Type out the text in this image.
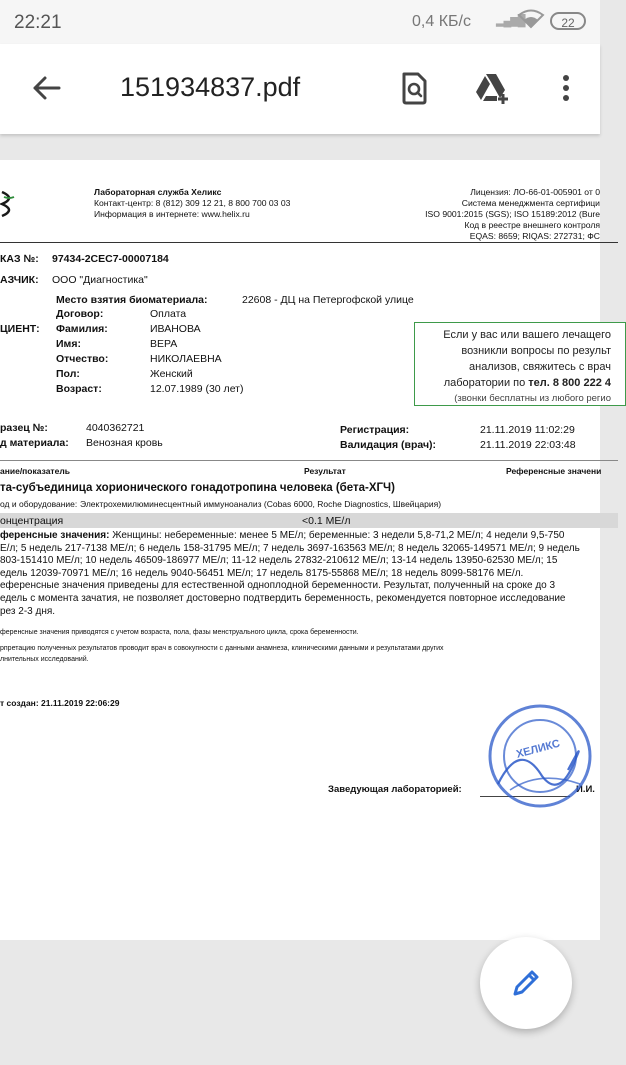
22:21	0,4 КБ/с ▂▄▆█	22
151934837.pdf
Лабораторная служба Хеликс
Контакт-центр: 8 (812) 309 12 21, 8 800 700 03 03
Информация в интернете: www.helix.ru
Лицензия: ЛО-66-01-005901 от 0
Система менеджмента сертифици
ISO 9001:2015 (SGS); ISO 15189:2012 (Bure
Код в реестре внешнего контроля
EQAS: 8659; RIQAS: 272731; ФС
КАЗ №: 97434-2СЕС7-00007184
АЗЧИК: ООО "Диагностика"
Место взятия биоматериала:	22608 - ДЦ на Петергофской улице
ЦИЕНТ:
Договор:	Оплата
Фамилия:	ИВАНОВА
Имя:	ВЕРА
Отчество:	НИКОЛАЕВНА
Пол:	Женский
Возраст:	12.07.1989 (30 лет)
Если у вас или вашего лечащего
возникли вопросы по результ
анализов, свяжитесь с врач
лаборатории по тел. 8 800 222 4
(звонки бесплатны из любого регио
разец №:	4040362721
д материала: Венозная кровь
Регистрация:	21.11.2019 11:02:29
Валидация (врач):	21.11.2019 22:03:48
ание/показатель	Результат	Референсные значени
та-субъединица хорионического гонадотропина человека (бета-ХГЧ)
од и оборудование: Электрохемилюминесцентный иммуноанализ (Cobas 6000, Roche Diagnostics, Швейцария)
онцентрация	<0.1 МЕ/л
ференсные значения: Женщины: небеременные: менее 5 МЕ/л; беременные: 3 недели 5,8-71,2 МЕ/л; 4 недели 9,5-750
Е/л; 5 недель 217-7138 МЕ/л; 6 недель 158-31795 МЕ/л; 7 недель 3697-163563 МЕ/л; 8 недель 32065-149571 МЕ/л; 9 недель
803-151410 МЕ/л; 10 недель 46509-186977 МЕ/л; 11-12 недель 27832-210612 МЕ/л; 13-14 недель 13950-62530 МЕ/л; 15
едель 12039-70971 МЕ/л; 16 недель 9040-56451 МЕ/л; 17 недель 8175-55868 МЕ/л; 18 недель 8099-58176 МЕ/л.
еференсные значения приведены для естественной одноплодной беременности. Результат, полученный на сроке до 3
едель с момента зачатия, не позволяет достоверно подтвердить беременность, рекомендуется повторное исследование
рез 2-3 дня.
ференсные значения приводятся с учетом возраста, пола, фазы менструального цикла, срока беременности.
рпретацию полученных результатов проводит врач в совокупности с данными анамнеза, клиническими данными и результатами других
лнительных исследований.
т создан: 21.11.2019 22:06:29
Заведующая лабораторией:	И.И.
ХЕЛИКС
